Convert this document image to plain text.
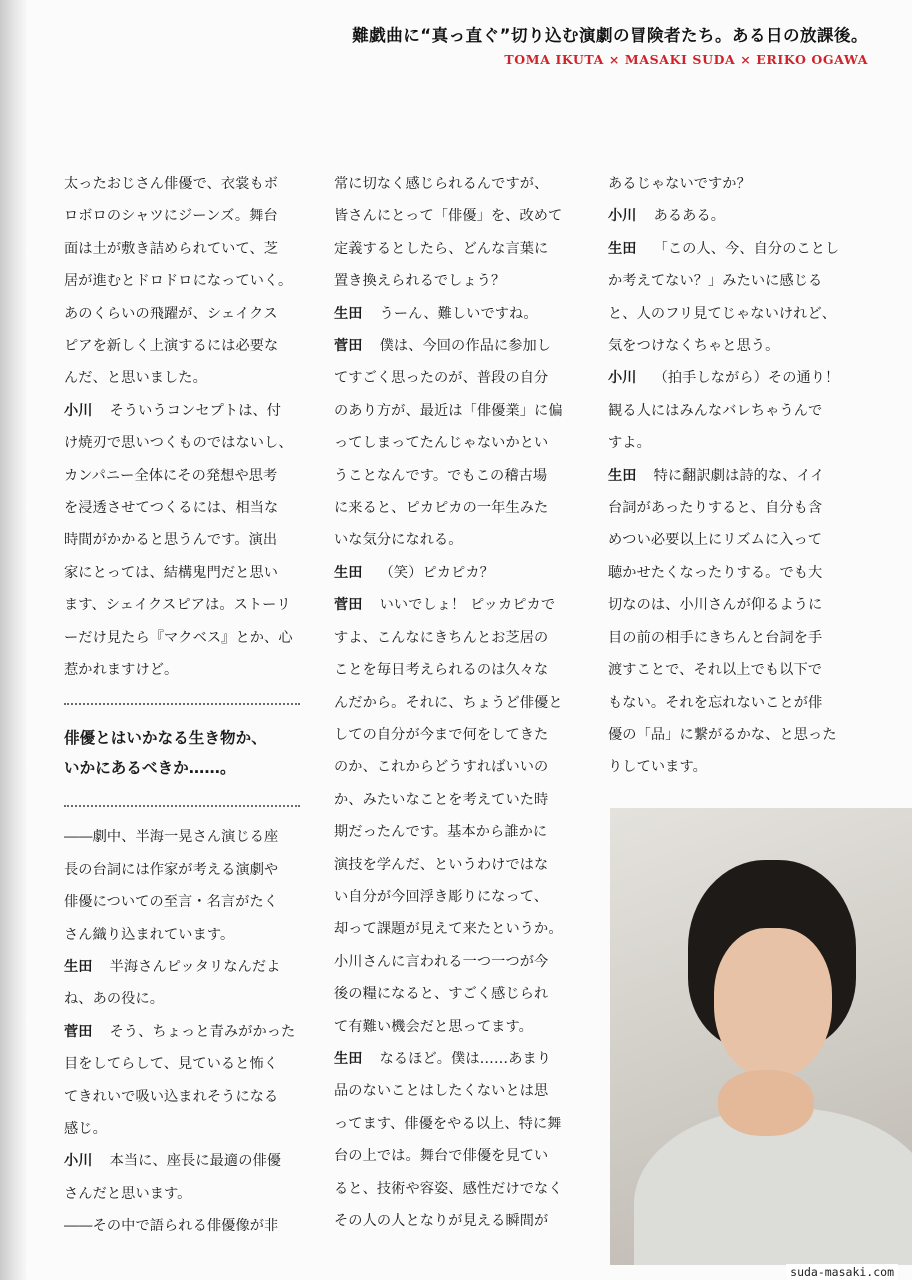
難戯曲に“真っ直ぐ”切り込む演劇の冒険者たち。ある日の放課後。
TOMA IKUTA × MASAKI SUDA × ERIKO OGAWA

太ったおじさん俳優で、衣裳もボ

ロボロのシャツにジーンズ。舞台

面は土が敷き詰められていて、芝

居が進むとドロドロになっていく。

あのくらいの飛躍が、シェイクス

ピアを新しく上演するには必要な

んだ、と思いました。

小川 そういうコンセプトは、付

け焼刃で思いつくものではないし、

カンパニー全体にその発想や思考

を浸透させてつくるには、相当な

時間がかかると思うんです。演出

家にとっては、結構鬼門だと思い

ます、シェイクスピアは。ストーリ

ーだけ見たら『マクベス』とか、心

惹かれますけど。

俳優とはいかなる生き物か、

いかにあるべきか……。

――劇中、半海一晃さん演じる座

長の台詞には作家が考える演劇や

俳優についての至言・名言がたく

さん織り込まれています。

生田 半海さんピッタリなんだよ

ね、あの役に。

菅田 そう、ちょっと青みがかった

目をしてらして、見ていると怖く

てきれいで吸い込まれそうになる

感じ。

小川 本当に、座長に最適の俳優

さんだと思います。

――その中で語られる俳優像が非

常に切なく感じられるんですが、

皆さんにとって「俳優」を、改めて

定義するとしたら、どんな言葉に

置き換えられるでしょう？

生田 うーん、難しいですね。

菅田 僕は、今回の作品に参加し

てすごく思ったのが、普段の自分

のあり方が、最近は「俳優業」に偏

ってしまってたんじゃないかとい

うことなんです。でもこの稽古場

に来ると、ピカピカの一年生みた

いな気分になれる。

生田 （笑）ピカピカ？

菅田 いいでしょ！ ピッカピカで

すよ、こんなにきちんとお芝居の

ことを毎日考えられるのは久々な

んだから。それに、ちょうど俳優と

しての自分が今まで何をしてきた

のか、これからどうすればいいの

か、みたいなことを考えていた時

期だったんです。基本から誰かに

演技を学んだ、というわけではな

い自分が今回浮き彫りになって、

却って課題が見えて来たというか。

小川さんに言われる一つ一つが今

後の糧になると、すごく感じられ

て有難い機会だと思ってます。

生田 なるほど。僕は……あまり

品のないことはしたくないとは思

ってます、俳優をやる以上、特に舞

台の上では。舞台で俳優を見てい

ると、技術や容姿、感性だけでなく

その人の人となりが見える瞬間が

あるじゃないですか？

小川 あるある。

生田 「この人、今、自分のことし

か考えてない？」みたいに感じる

と、人のフリ見てじゃないけれど、

気をつけなくちゃと思う。

小川 （拍手しながら）その通り！

観る人にはみんなバレちゃうんで

すよ。

生田 特に翻訳劇は詩的な、イイ

台詞があったりすると、自分も含

めつい必要以上にリズムに入って

聴かせたくなったりする。でも大

切なのは、小川さんが仰るように

目の前の相手にきちんと台詞を手

渡すことで、それ以上でも以下で

もない。それを忘れないことが俳

優の「品」に繋がるかな、と思った

りしています。

suda-masaki.com
